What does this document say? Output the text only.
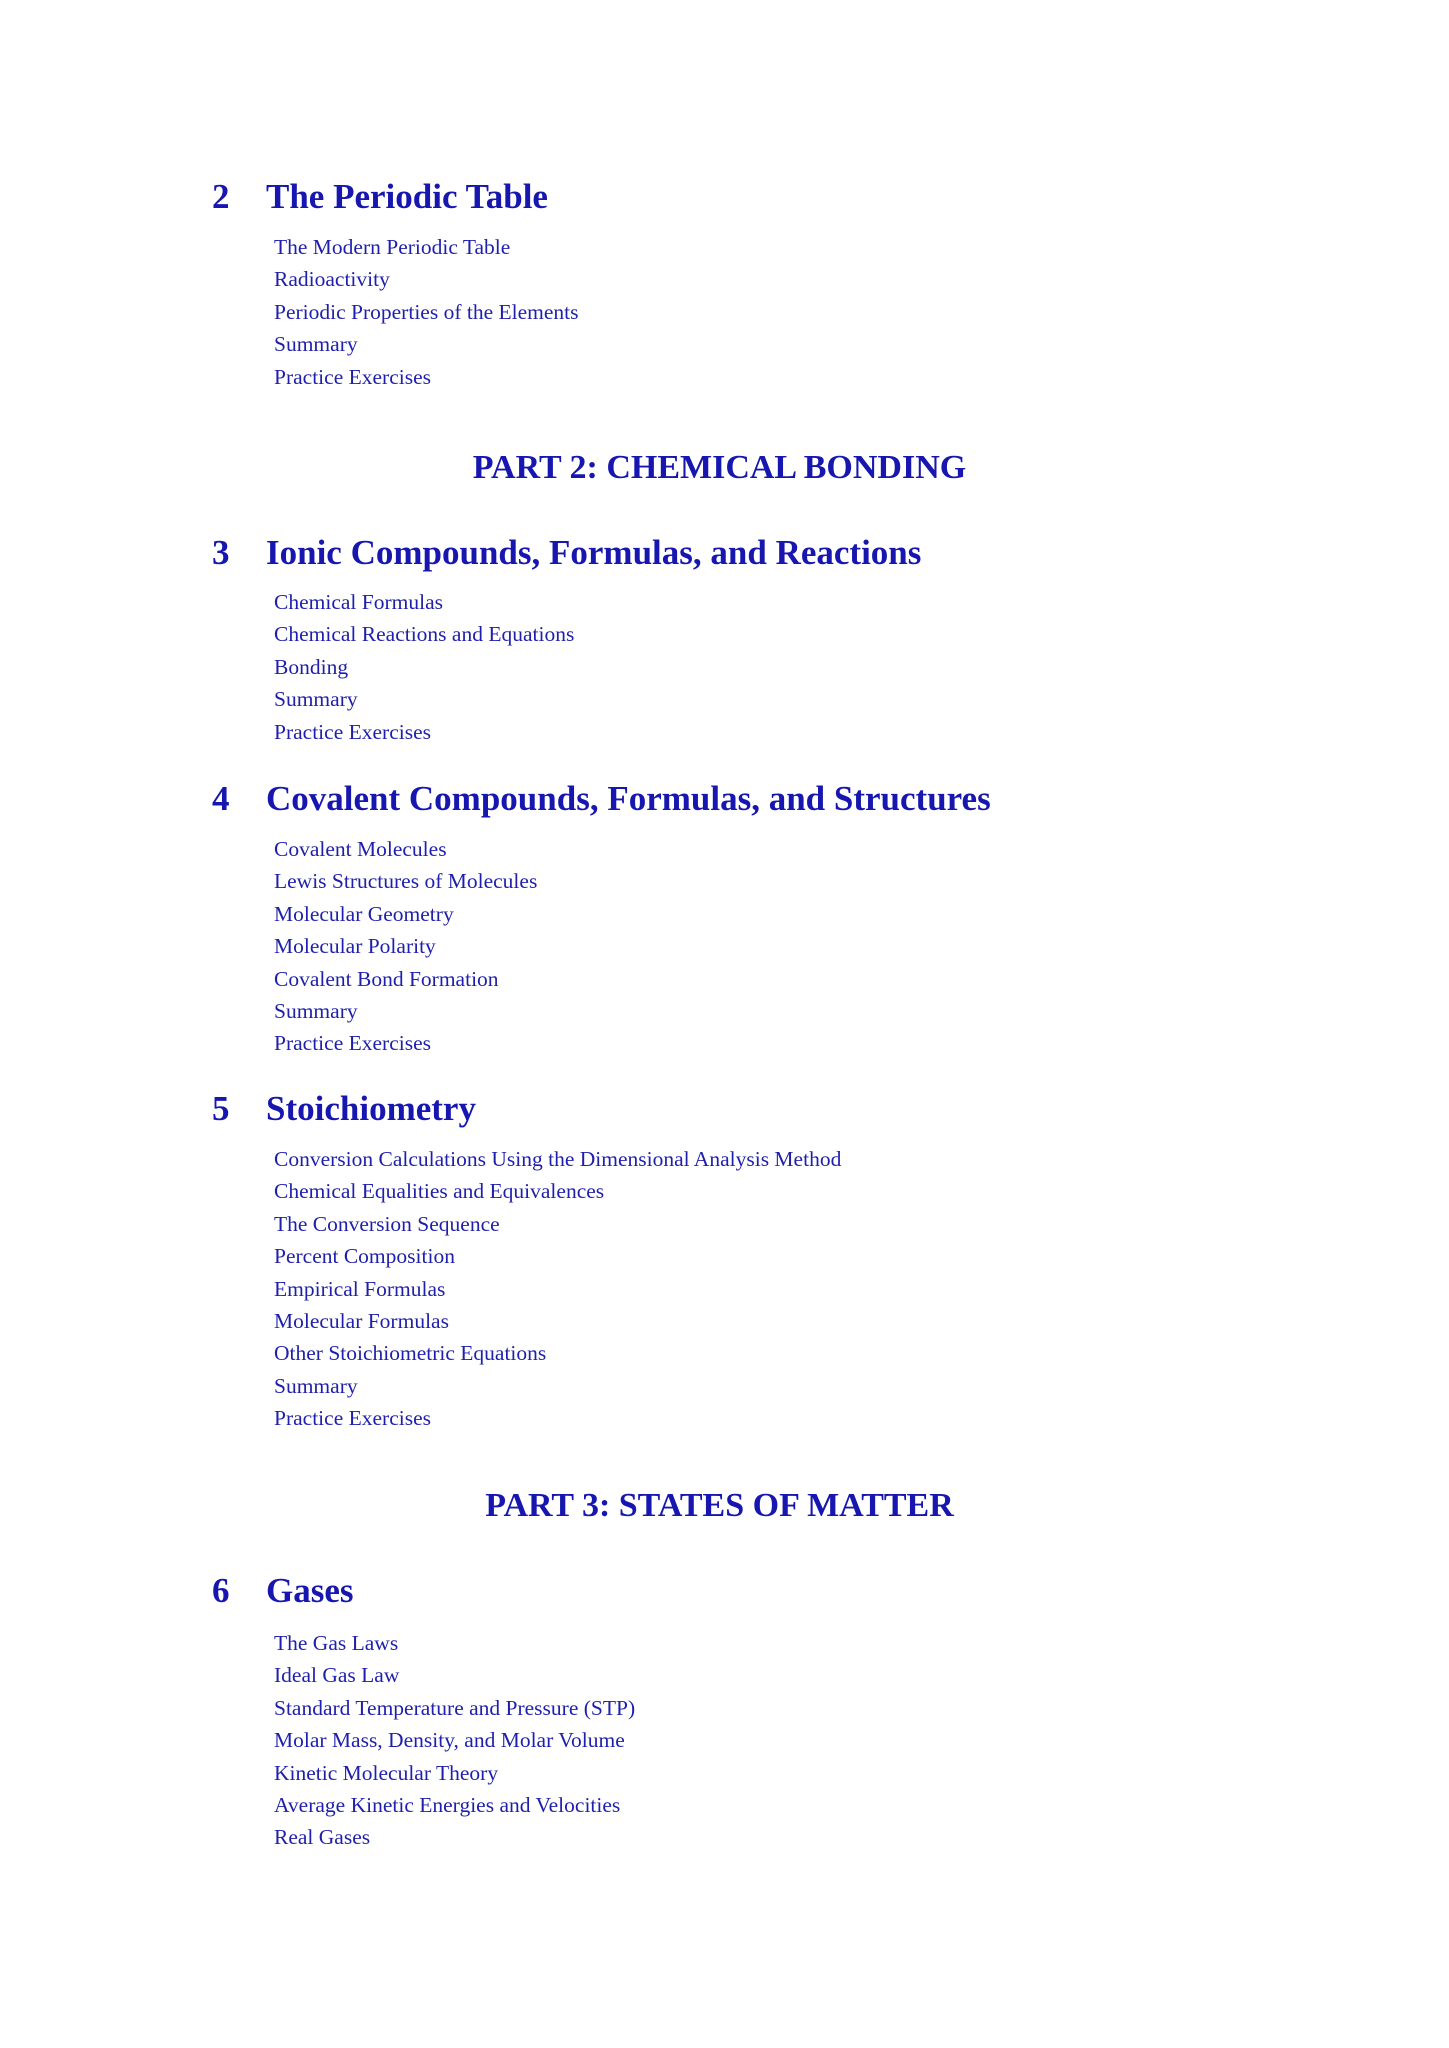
2 The Periodic Table
The Modern Periodic Table
Radioactivity
Periodic Properties of the Elements
Summary
Practice Exercises
PART 2: CHEMICAL BONDING
3 Ionic Compounds, Formulas, and Reactions
Chemical Formulas
Chemical Reactions and Equations
Bonding
Summary
Practice Exercises
4 Covalent Compounds, Formulas, and Structures
Covalent Molecules
Lewis Structures of Molecules
Molecular Geometry
Molecular Polarity
Covalent Bond Formation
Summary
Practice Exercises
5 Stoichiometry
Conversion Calculations Using the Dimensional Analysis Method
Chemical Equalities and Equivalences
The Conversion Sequence
Percent Composition
Empirical Formulas
Molecular Formulas
Other Stoichiometric Equations
Summary
Practice Exercises
PART 3: STATES OF MATTER
6 Gases
The Gas Laws
Ideal Gas Law
Standard Temperature and Pressure (STP)
Molar Mass, Density, and Molar Volume
Kinetic Molecular Theory
Average Kinetic Energies and Velocities
Real Gases
